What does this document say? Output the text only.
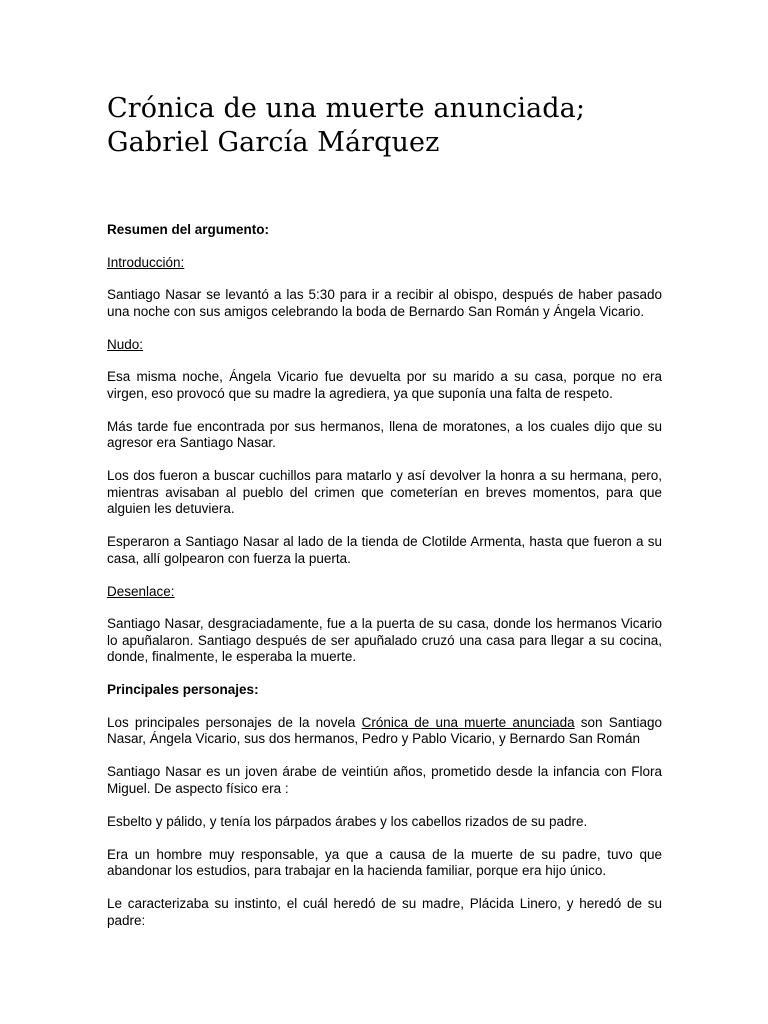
Crónica de una muerte anunciada; Gabriel García Márquez
Resumen del argumento:
Introducción:

Santiago Nasar se levantó a las 5:30 para ir a recibir al obispo, después de haber pasado una noche con sus amigos celebrando la boda de Bernardo San Román y Ángela Vicario.

Nudo:

Esa misma noche, Ángela Vicario fue devuelta por su marido a su casa, porque no era virgen, eso provocó que su madre la agrediera, ya que suponía una falta de respeto.

Más tarde fue encontrada por sus hermanos, llena de moratones, a los cuales dijo que su agresor era Santiago Nasar.

Los dos fueron a buscar cuchillos para matarlo y así devolver la honra a su hermana, pero, mientras avisaban al pueblo del crimen que cometerían en breves momentos, para que alguien les detuviera.

Esperaron a Santiago Nasar al lado de la tienda de Clotilde Armenta, hasta que fueron a su casa, allí golpearon con fuerza la puerta.

Desenlace:

Santiago Nasar, desgraciadamente, fue a la puerta de su casa, donde los hermanos Vicario lo apuñalaron. Santiago después de ser apuñalado cruzó una casa para llegar a su cocina, donde, finalmente, le esperaba la muerte.

Principales personajes:

Los principales personajes de la novela Crónica de una muerte anunciada son Santiago Nasar, Ángela Vicario, sus dos hermanos, Pedro y Pablo Vicario, y Bernardo San Román

Santiago Nasar es un joven árabe de veintiún años, prometido desde la infancia con Flora Miguel. De aspecto físico era :

Esbelto y pálido, y tenía los párpados árabes y los cabellos rizados de su padre.

Era un hombre muy responsable, ya que a causa de la muerte de su padre, tuvo que abandonar los estudios, para trabajar en la hacienda familiar, porque era hijo único.

Le caracterizaba su instinto, el cuál heredó de su madre, Plácida Linero, y heredó de su padre:
